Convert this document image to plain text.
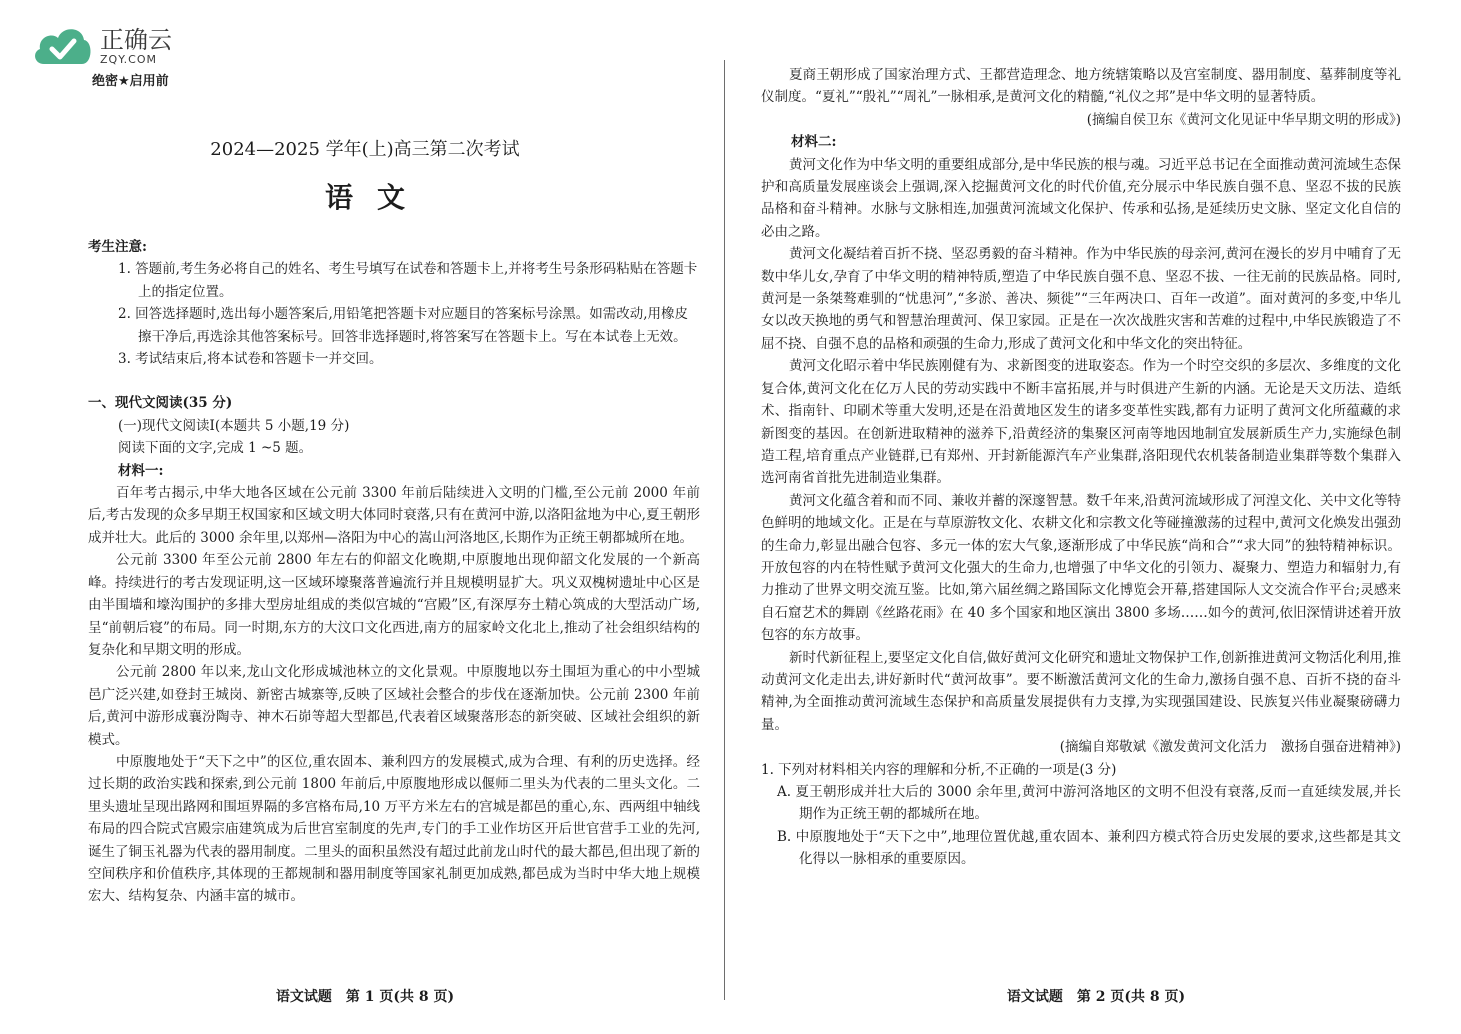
正确云
ZQY.COM
绝密★启用前
2024—2025 学年(上)高三第二次考试
语文
考生注意:
1. 答题前,考生务必将自己的姓名、考生号填写在试卷和答题卡上,并将考生号条形码粘贴在答题卡上的指定位置。
2. 回答选择题时,选出每小题答案后,用铅笔把答题卡对应题目的答案标号涂黑。如需改动,用橡皮擦干净后,再选涂其他答案标号。回答非选择题时,将答案写在答题卡上。写在本试卷上无效。
3. 考试结束后,将本试卷和答题卡一并交回。
一、现代文阅读(35 分)
(一)现代文阅读Ⅰ(本题共 5 小题,19 分)
阅读下面的文字,完成 1 ~5 题。
材料一:
百年考古揭示,中华大地各区域在公元前 3300 年前后陆续进入文明的门槛,至公元前 2000 年前后,考古发现的众多早期王权国家和区域文明大体同时衰落,只有在黄河中游,以洛阳盆地为中心,夏王朝形成并壮大。此后的 3000 余年里,以郑州—洛阳为中心的嵩山河洛地区,长期作为正统王朝都城所在地。
公元前 3300 年至公元前 2800 年左右的仰韶文化晚期,中原腹地出现仰韶文化发展的一个新高峰。持续进行的考古发现证明,这一区域环壕聚落普遍流行并且规模明显扩大。巩义双槐树遗址中心区是由半围墙和壕沟围护的多排大型房址组成的类似宫城的“宫殿”区,有深厚夯土精心筑成的大型活动广场,呈“前朝后寝”的布局。同一时期,东方的大汶口文化西进,南方的屈家岭文化北上,推动了社会组织结构的复杂化和早期文明的形成。
公元前 2800 年以来,龙山文化形成城池林立的文化景观。中原腹地以夯土围垣为重心的中小型城邑广泛兴建,如登封王城岗、新密古城寨等,反映了区域社会整合的步伐在逐渐加快。公元前 2300 年前后,黄河中游形成襄汾陶寺、神木石峁等超大型都邑,代表着区域聚落形态的新突破、区域社会组织的新模式。
中原腹地处于“天下之中”的区位,重农固本、兼利四方的发展模式,成为合理、有利的历史选择。经过长期的政治实践和探索,到公元前 1800 年前后,中原腹地形成以偃师二里头为代表的二里头文化。二里头遗址呈现出路网和围垣界隔的多宫格布局,10 万平方米左右的宫城是都邑的重心,东、西两组中轴线布局的四合院式宫殿宗庙建筑成为后世宫室制度的先声,专门的手工业作坊区开后世官营手工业的先河,诞生了铜玉礼器为代表的器用制度。二里头的面积虽然没有超过此前龙山时代的最大都邑,但出现了新的空间秩序和价值秩序,其体现的王都规制和器用制度等国家礼制更加成熟,都邑成为当时中华大地上规模宏大、结构复杂、内涵丰富的城市。
语文试题　第 1 页(共 8 页)
夏商王朝形成了国家治理方式、王都营造理念、地方统辖策略以及宫室制度、器用制度、墓葬制度等礼仪制度。“夏礼”“殷礼”“周礼”一脉相承,是黄河文化的精髓,“礼仪之邦”是中华文明的显著特质。
(摘编自侯卫东《黄河文化见证中华早期文明的形成》)
材料二:
黄河文化作为中华文明的重要组成部分,是中华民族的根与魂。习近平总书记在全面推动黄河流域生态保护和高质量发展座谈会上强调,深入挖掘黄河文化的时代价值,充分展示中华民族自强不息、坚忍不拔的民族品格和奋斗精神。水脉与文脉相连,加强黄河流域文化保护、传承和弘扬,是延续历史文脉、坚定文化自信的必由之路。
黄河文化凝结着百折不挠、坚忍勇毅的奋斗精神。作为中华民族的母亲河,黄河在漫长的岁月中哺育了无数中华儿女,孕育了中华文明的精神特质,塑造了中华民族自强不息、坚忍不拔、一往无前的民族品格。同时,黄河是一条桀骜难驯的“忧患河”,“多淤、善决、频徙”“三年两决口、百年一改道”。面对黄河的多变,中华儿女以改天换地的勇气和智慧治理黄河、保卫家园。正是在一次次战胜灾害和苦难的过程中,中华民族锻造了不屈不挠、自强不息的品格和顽强的生命力,形成了黄河文化和中华文化的突出特征。
黄河文化昭示着中华民族刚健有为、求新图变的进取姿态。作为一个时空交织的多层次、多维度的文化复合体,黄河文化在亿万人民的劳动实践中不断丰富拓展,并与时俱进产生新的内涵。无论是天文历法、造纸术、指南针、印刷术等重大发明,还是在沿黄地区发生的诸多变革性实践,都有力证明了黄河文化所蕴藏的求新图变的基因。在创新进取精神的滋养下,沿黄经济的集聚区河南等地因地制宜发展新质生产力,实施绿色制造工程,培育重点产业链群,已有郑州、开封新能源汽车产业集群,洛阳现代农机装备制造业集群等数个集群入选河南省首批先进制造业集群。
黄河文化蕴含着和而不同、兼收并蓄的深邃智慧。数千年来,沿黄河流域形成了河湟文化、关中文化等特色鲜明的地域文化。正是在与草原游牧文化、农耕文化和宗教文化等碰撞激荡的过程中,黄河文化焕发出强劲的生命力,彰显出融合包容、多元一体的宏大气象,逐渐形成了中华民族“尚和合”“求大同”的独特精神标识。开放包容的内在特性赋予黄河文化强大的生命力,也增强了中华文化的引领力、凝聚力、塑造力和辐射力,有力推动了世界文明交流互鉴。比如,第六届丝绸之路国际文化博览会开幕,搭建国际人文交流合作平台;灵感来自石窟艺术的舞剧《丝路花雨》在 40 多个国家和地区演出 3800 多场……如今的黄河,依旧深情讲述着开放包容的东方故事。
新时代新征程上,要坚定文化自信,做好黄河文化研究和遗址文物保护工作,创新推进黄河文物活化利用,推动黄河文化走出去,讲好新时代“黄河故事”。要不断激活黄河文化的生命力,激扬自强不息、百折不挠的奋斗精神,为全面推动黄河流域生态保护和高质量发展提供有力支撑,为实现强国建设、民族复兴伟业凝聚磅礴力量。
(摘编自郑敬斌《激发黄河文化活力　激扬自强奋进精神》)
1. 下列对材料相关内容的理解和分析,不正确的一项是(3 分)
A. 夏王朝形成并壮大后的 3000 余年里,黄河中游河洛地区的文明不但没有衰落,反而一直延续发展,并长期作为正统王朝的都城所在地。
B. 中原腹地处于“天下之中”,地理位置优越,重农固本、兼利四方模式符合历史发展的要求,这些都是其文化得以一脉相承的重要原因。
语文试题　第 2 页(共 8 页)
